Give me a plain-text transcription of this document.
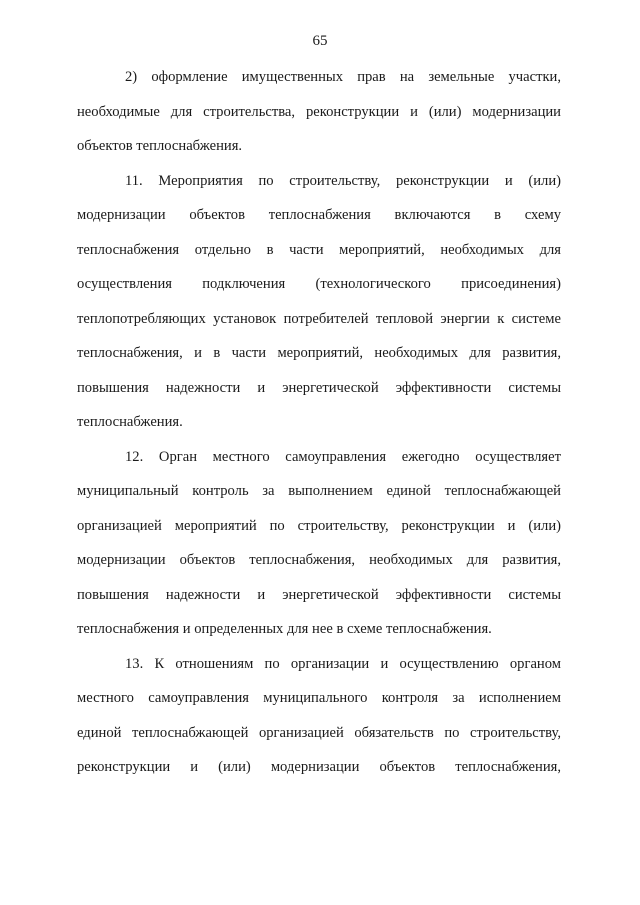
65
2) оформление имущественных прав на земельные участки,
необходимые для строительства, реконструкции и (или) модернизации
объектов теплоснабжения.
11. Мероприятия по строительству, реконструкции и (или)
модернизации объектов теплоснабжения включаются в схему
теплоснабжения отдельно в части мероприятий, необходимых для
осуществления подключения (технологического присоединения)
теплопотребляющих установок потребителей тепловой энергии к системе
теплоснабжения, и в части мероприятий, необходимых для развития,
повышения надежности и энергетической эффективности системы
теплоснабжения.
12. Орган местного самоуправления ежегодно осуществляет
муниципальный контроль за выполнением единой теплоснабжающей
организацией мероприятий по строительству, реконструкции и (или)
модернизации объектов теплоснабжения, необходимых для развития,
повышения надежности и энергетической эффективности системы
теплоснабжения и определенных для нее в схеме теплоснабжения.
13. К отношениям по организации и осуществлению органом
местного самоуправления муниципального контроля за исполнением
единой теплоснабжающей организацией обязательств по строительству,
реконструкции и (или) модернизации объектов теплоснабжения,
